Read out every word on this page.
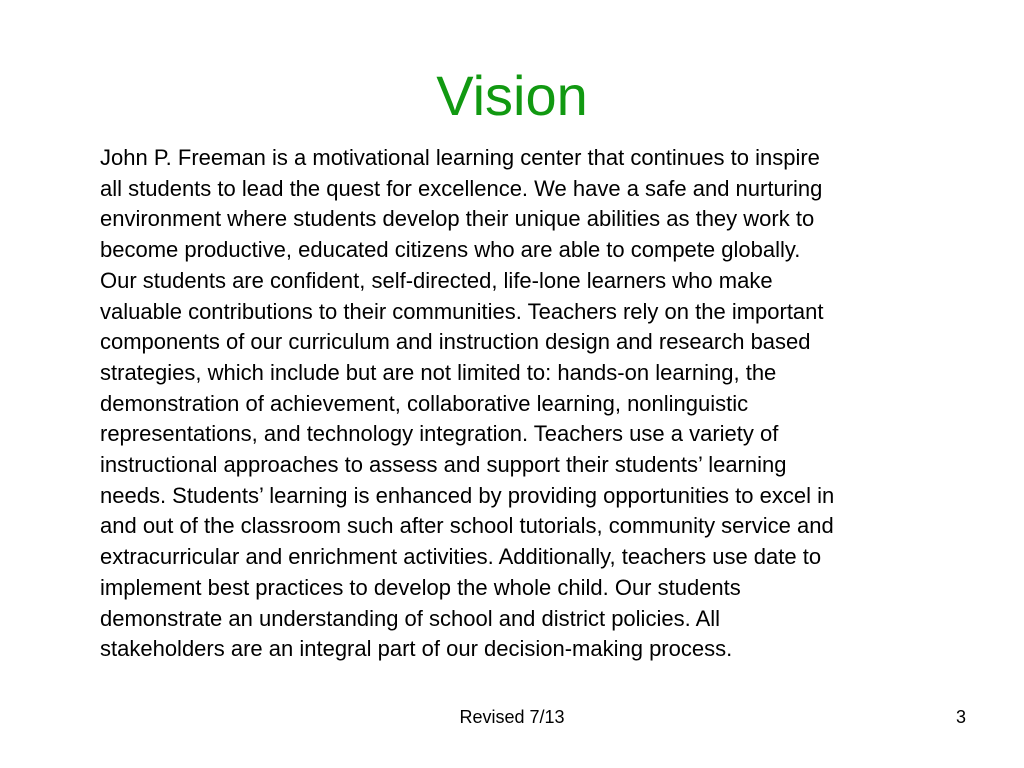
Vision
John P. Freeman is a motivational learning center that continues to inspire
all students to lead the quest for excellence. We have a safe and nurturing
environment where students develop their unique abilities as they work to
become productive, educated citizens who are able to compete globally.
Our students are confident, self-directed, life-lone learners who make
valuable contributions to their communities. Teachers rely on the important
components of our curriculum and instruction design and research based
strategies, which include but are not limited to: hands-on learning, the
demonstration of achievement, collaborative learning, nonlinguistic
representations, and technology integration. Teachers use a variety of
instructional approaches to assess and support their students’ learning
needs. Students’ learning is enhanced by providing opportunities to excel in
and out of the classroom such after school tutorials, community service and
extracurricular and enrichment activities. Additionally, teachers use date to
implement best practices to develop the whole child. Our students
demonstrate an understanding of school and district policies. All
stakeholders are an integral part of our decision-making process.
Revised 7/13	3
